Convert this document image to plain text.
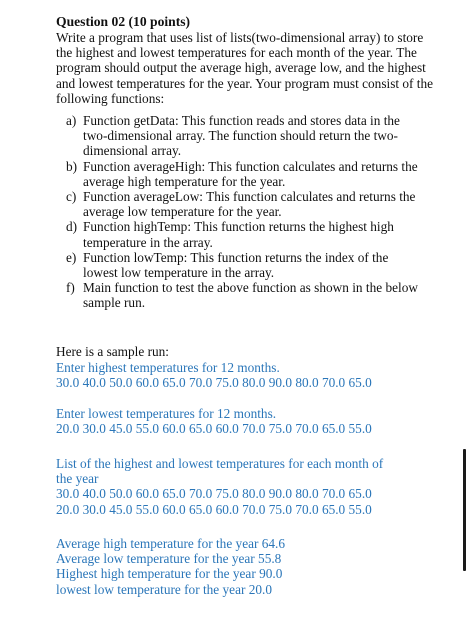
Question 02 (10 points)
Write a program that uses list of lists(two-dimensional array) to store the highest and lowest temperatures for each month of the year. The program should output the average high, average low, and the highest and lowest temperatures for the year. Your program must consist of the following functions:
a) Function getData: This function reads and stores data in the two-dimensional array. The function should return the two-dimensional array.
b) Function averageHigh: This function calculates and returns the average high temperature for the year.
c) Function averageLow: This function calculates and returns the average low temperature for the year.
d) Function highTemp: This function returns the highest high temperature in the array.
e) Function lowTemp: This function returns the index of the lowest low temperature in the array.
f) Main function to test the above function as shown in the below sample run.
Here is a sample run:
Enter highest temperatures for 12 months.
30.0 40.0 50.0 60.0 65.0 70.0 75.0 80.0 90.0 80.0 70.0 65.0
Enter lowest temperatures for 12 months.
20.0 30.0 45.0 55.0 60.0 65.0 60.0 70.0 75.0 70.0 65.0 55.0
List of the highest and lowest temperatures for each month of
the year
30.0 40.0 50.0 60.0 65.0 70.0 75.0 80.0 90.0 80.0 70.0 65.0
20.0 30.0 45.0 55.0 60.0 65.0 60.0 70.0 75.0 70.0 65.0 55.0
Average high temperature for the year 64.6
Average low temperature for the year 55.8
Highest high temperature for the year 90.0
lowest low temperature for the year 20.0
